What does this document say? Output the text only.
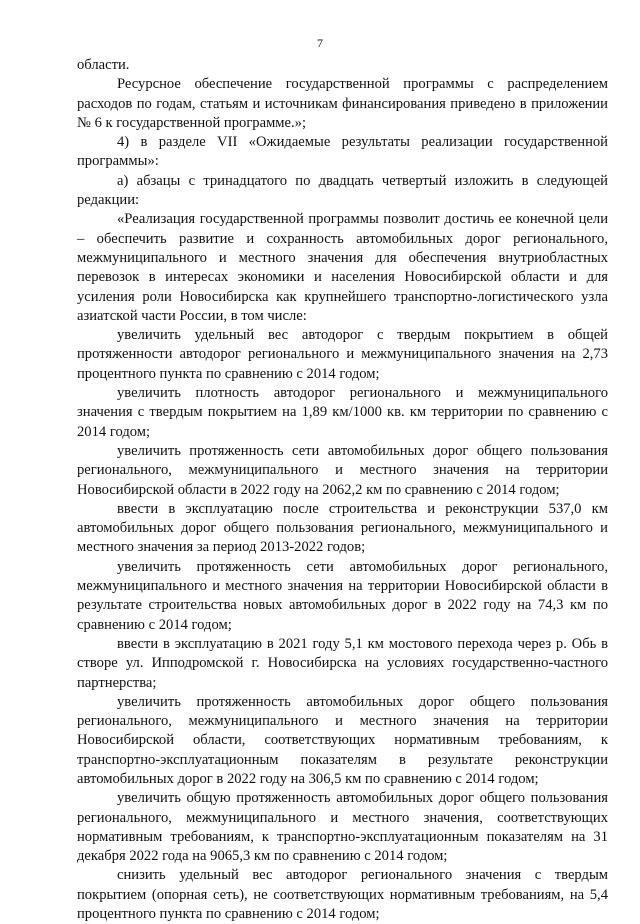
7

области.

Ресурсное обеспечение государственной программы с распределением расходов по годам, статьям и источникам финансирования приведено в приложении № 6 к государственной программе.»;

4) в разделе VII «Ожидаемые результаты реализации государственной программы»:

а) абзацы с тринадцатого по двадцать четвертый изложить в следующей редакции:

«Реализация государственной программы позволит достичь ее конечной цели – обеспечить развитие и сохранность автомобильных дорог регионального, межмуниципального и местного значения для обеспечения внутриобластных перевозок в интересах экономики и населения Новосибирской области и для усиления роли Новосибирска как крупнейшего транспортно-логистического узла азиатской части России, в том числе:

увеличить удельный вес автодорог с твердым покрытием в общей протяженности автодорог регионального и межмуниципального значения на 2,73 процентного пункта по сравнению с 2014 годом;

увеличить плотность автодорог регионального и межмуниципального значения с твердым покрытием на 1,89 км/1000 кв. км территории по сравнению с 2014 годом;

увеличить протяженность сети автомобильных дорог общего пользования регионального, межмуниципального и местного значения на территории Новосибирской области в 2022 году на 2062,2 км по сравнению с 2014 годом;

ввести в эксплуатацию после строительства и реконструкции 537,0 км автомобильных дорог общего пользования регионального, межмуниципального и местного значения за период 2013-2022 годов;

увеличить протяженность сети автомобильных дорог регионального, межмуниципального и местного значения на территории Новосибирской области в результате строительства новых автомобильных дорог в 2022 году на 74,3 км по сравнению с 2014 годом;

ввести в эксплуатацию в 2021 году 5,1 км мостового перехода через р. Обь в створе ул. Ипподромской г. Новосибирска на условиях государственно-частного партнерства;

увеличить протяженность автомобильных дорог общего пользования регионального, межмуниципального и местного значения на территории Новосибирской области, соответствующих нормативным требованиям, к транспортно-эксплуатационным показателям в результате реконструкции автомобильных дорог в 2022 году на 306,5 км по сравнению с 2014 годом;

увеличить общую протяженность автомобильных дорог общего пользования регионального, межмуниципального и местного значения, соответствующих нормативным требованиям, к транспортно-эксплуатационным показателям на 31 декабря 2022 года на 9065,3 км по сравнению с 2014 годом;

снизить удельный вес автодорог регионального значения с твердым покрытием (опорная сеть), не соответствующих нормативным требованиям, на 5,4 процентного пункта по сравнению с 2014 годом;
